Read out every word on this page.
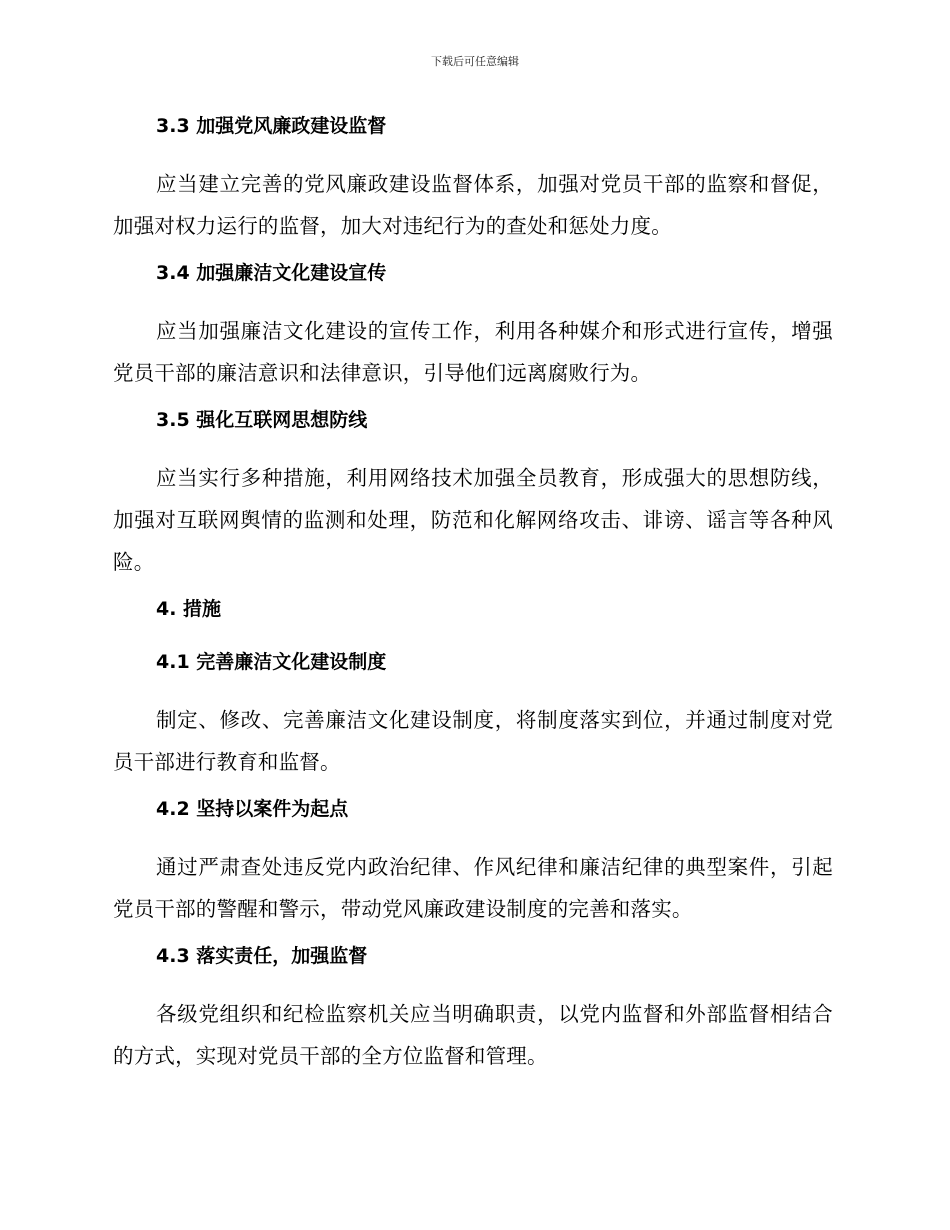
下载后可任意编辑
3.3 加强党风廉政建设监督

应当建立完善的党风廉政建设监督体系，加强对党员干部的监察和督促，加强对权力运行的监督，加大对违纪行为的查处和惩处力度。

3.4 加强廉洁文化建设宣传

应当加强廉洁文化建设的宣传工作，利用各种媒介和形式进行宣传，增强党员干部的廉洁意识和法律意识，引导他们远离腐败行为。

3.5 强化互联网思想防线

应当实行多种措施，利用网络技术加强全员教育，形成强大的思想防线，加强对互联网舆情的监测和处理，防范和化解网络攻击、诽谤、谣言等各种风险。

4. 措施
4.1 完善廉洁文化建设制度

制定、修改、完善廉洁文化建设制度，将制度落实到位，并通过制度对党员干部进行教育和监督。

4.2 坚持以案件为起点

通过严肃查处违反党内政治纪律、作风纪律和廉洁纪律的典型案件，引起党员干部的警醒和警示，带动党风廉政建设制度的完善和落实。

4.3 落实责任，加强监督

各级党组织和纪检监察机关应当明确职责，以党内监督和外部监督相结合的方式，实现对党员干部的全方位监督和管理。
